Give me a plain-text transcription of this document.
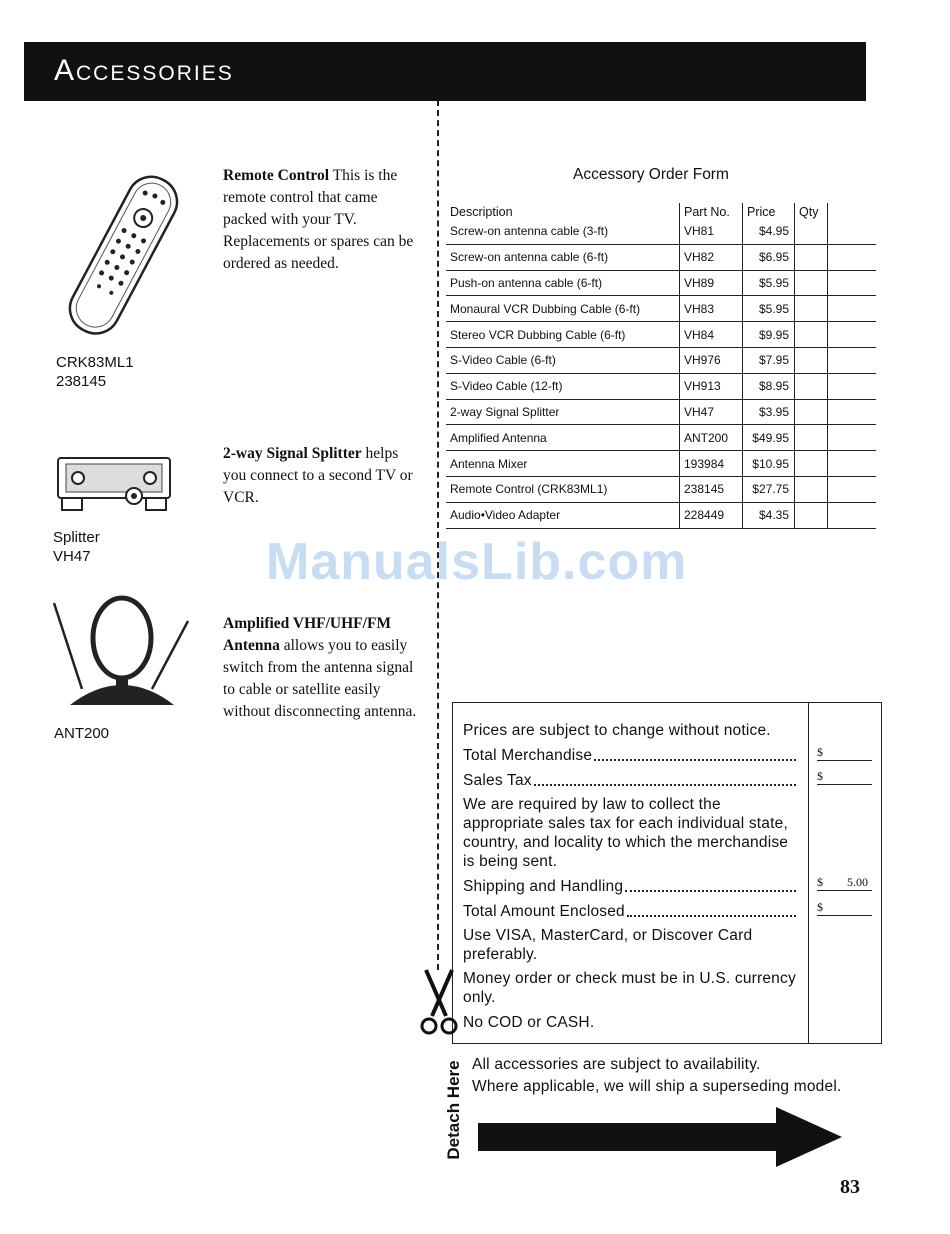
Accessories
CRK83ML1
238145
Remote Control This is the remote control that came packed with your TV. Replacements or spares can be ordered as needed.
Splitter
VH47
2-way Signal Splitter helps you connect to a second TV or VCR.
ANT200
Amplified VHF/UHF/FM Antenna allows you to easily switch from the antenna signal to cable or satellite easily without disconnecting antenna.
Accessory Order Form
Description	Part No.	Price	Qty	
Screw-on antenna cable (3-ft)	VH81	$4.95		
Screw-on antenna cable (6-ft)	VH82	$6.95		
Push-on antenna cable (6-ft)	VH89	$5.95		
Monaural VCR Dubbing Cable (6-ft)	VH83	$5.95		
Stereo VCR Dubbing Cable (6-ft)	VH84	$9.95		
S-Video Cable (6-ft)	VH976	$7.95		
S-Video Cable (12-ft)	VH913	$8.95		
2-way Signal Splitter	VH47	$3.95		
Amplified Antenna	ANT200	$49.95		
Antenna Mixer	193984	$10.95		
Remote Control (CRK83ML1)	238145	$27.75		
Audio•Video Adapter	228449	$4.35		
Prices are subject to change without notice.
Total Merchandise	$
Sales Tax	$
We are required by law to collect the appropriate sales tax for each individual state, country, and locality to which the merchandise is being sent.
Shipping and Handling	$ 5.00
Total Amount Enclosed	$
Use VISA, MasterCard, or Discover Card preferably.
Money order or check must be in U.S. currency only.
No COD or CASH.
Detach Here All accessories are subject to availability.
Where applicable, we will ship a superseding model.
83
ManualsLib.com
